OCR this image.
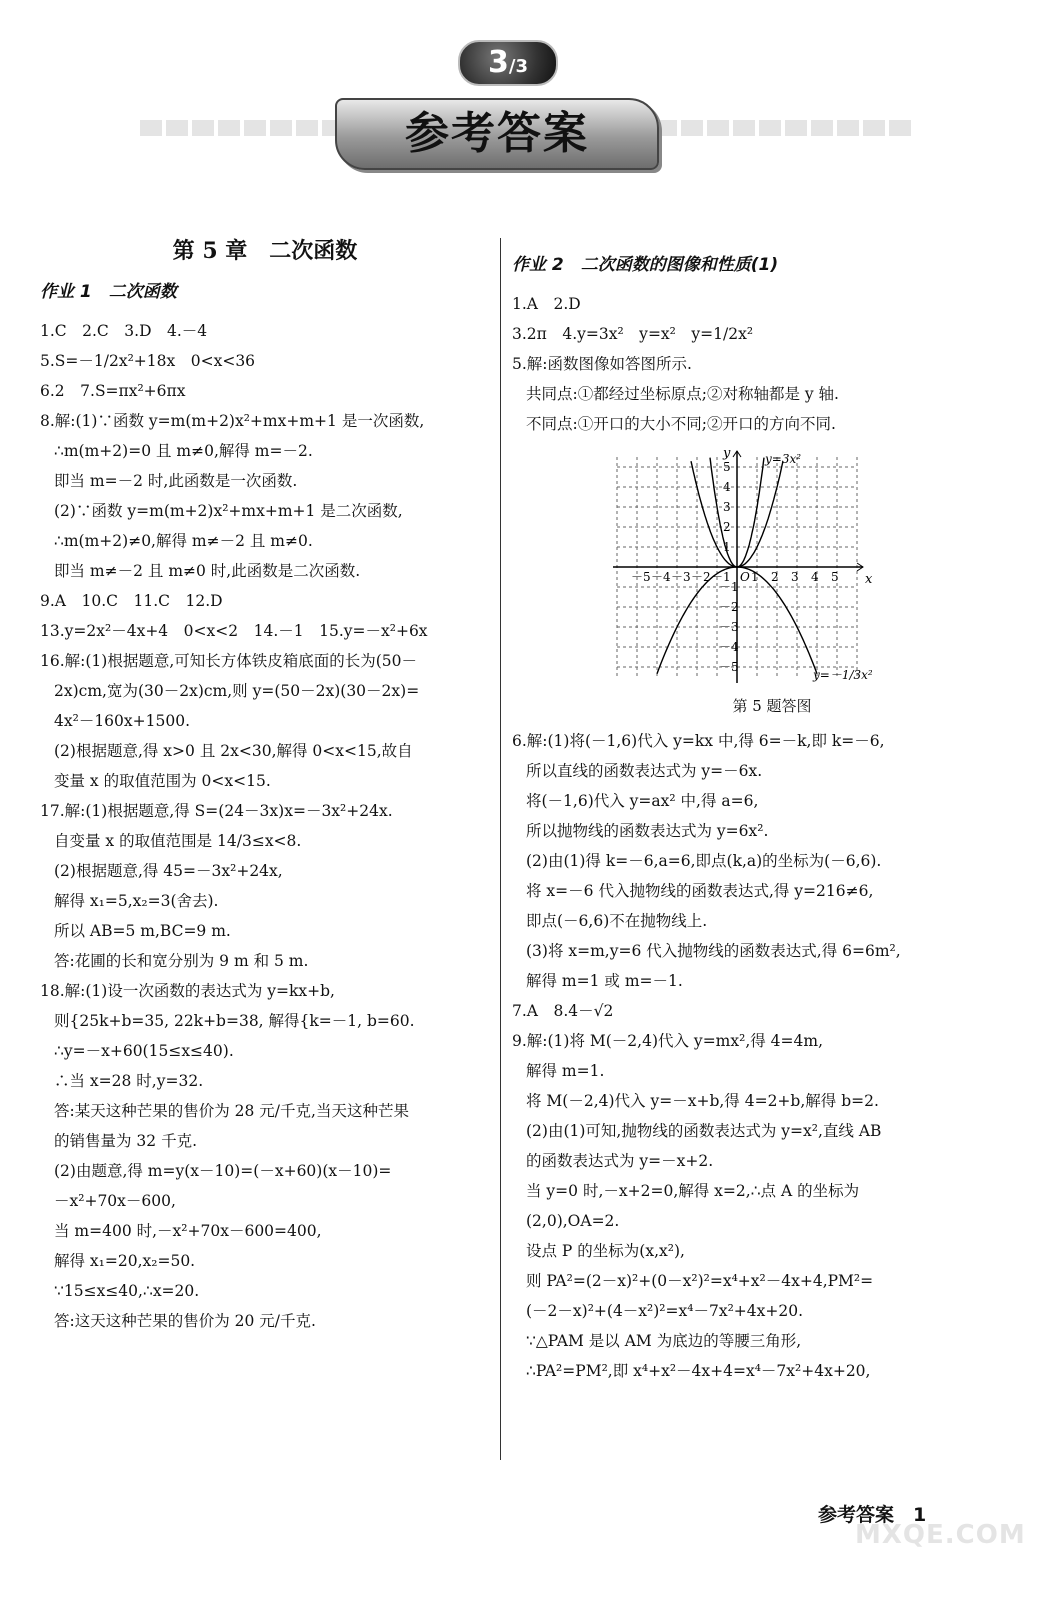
3/3
参考答案
第 5 章　二次函数
作业 1　二次函数
1.C　2.C　3.D　4.－4
5.S=－1/2x²+18x　0<x<36
6.2　7.S=πx²+6πx
8.解:(1)∵函数 y=m(m+2)x²+mx+m+1 是一次函数,
∴m(m+2)=0 且 m≠0,解得 m=－2.
即当 m=－2 时,此函数是一次函数.
(2)∵函数 y=m(m+2)x²+mx+m+1 是二次函数,
∴m(m+2)≠0,解得 m≠－2 且 m≠0.
即当 m≠－2 且 m≠0 时,此函数是二次函数.
9.A　10.C　11.C　12.D
13.y=2x²－4x+4　0<x<2　14.－1　15.y=－x²+6x
16.解:(1)根据题意,可知长方体铁皮箱底面的长为(50－
2x)cm,宽为(30－2x)cm,则 y=(50－2x)(30－2x)=
4x²－160x+1500.
(2)根据题意,得 x>0 且 2x<30,解得 0<x<15,故自
变量 x 的取值范围为 0<x<15.
17.解:(1)根据题意,得 S=(24－3x)x=－3x²+24x.
自变量 x 的取值范围是 14/3≤x<8.
(2)根据题意,得 45=－3x²+24x,
解得 x₁=5,x₂=3(舍去).
所以 AB=5 m,BC=9 m.
答:花圃的长和宽分别为 9 m 和 5 m.
18.解:(1)设一次函数的表达式为 y=kx+b,
则{25k+b=35, 22k+b=38, 解得{k=－1, b=60.
∴y=－x+60(15≤x≤40).
∴当 x=28 时,y=32.
答:某天这种芒果的售价为 28 元/千克,当天这种芒果
的销售量为 32 千克.
(2)由题意,得 m=y(x－10)=(－x+60)(x－10)=
－x²+70x－600,
当 m=400 时,－x²+70x－600=400,
解得 x₁=20,x₂=50.
∵15≤x≤40,∴x=20.
答:这天这种芒果的售价为 20 元/千克.
作业 2　二次函数的图像和性质(1)
1.A　2.D
3.2π　4.y=3x²　y=x²　y=1/2x²
5.解:函数图像如答图所示.
共同点:①都经过坐标原点;②对称轴都是 y 轴.
不同点:①开口的大小不同;②开口的方向不同.
x
y
O
－5 －4 －3 －2 －1 1 2 3 4 5
5
4
3
2
1
－1
－2
－3
－4
－5
y=3x²
y=－1/3x²
第 5 题答图
6.解:(1)将(－1,6)代入 y=kx 中,得 6=－k,即 k=－6,
所以直线的函数表达式为 y=－6x.
将(－1,6)代入 y=ax² 中,得 a=6,
所以抛物线的函数表达式为 y=6x².
(2)由(1)得 k=－6,a=6,即点(k,a)的坐标为(－6,6).
将 x=－6 代入抛物线的函数表达式,得 y=216≠6,
即点(－6,6)不在抛物线上.
(3)将 x=m,y=6 代入抛物线的函数表达式,得 6=6m²,
解得 m=1 或 m=－1.
7.A　8.4－√2
9.解:(1)将 M(－2,4)代入 y=mx²,得 4=4m,
解得 m=1.
将 M(－2,4)代入 y=－x+b,得 4=2+b,解得 b=2.
(2)由(1)可知,抛物线的函数表达式为 y=x²,直线 AB
的函数表达式为 y=－x+2.
当 y=0 时,－x+2=0,解得 x=2,∴点 A 的坐标为
(2,0),OA=2.
设点 P 的坐标为(x,x²),
则 PA²=(2－x)²+(0－x²)²=x⁴+x²－4x+4,PM²=
(－2－x)²+(4－x²)²=x⁴－7x²+4x+20.
∵△PAM 是以 AM 为底边的等腰三角形,
∴PA²=PM²,即 x⁴+x²－4x+4=x⁴－7x²+4x+20,
参考答案　1
MXQE.COM
